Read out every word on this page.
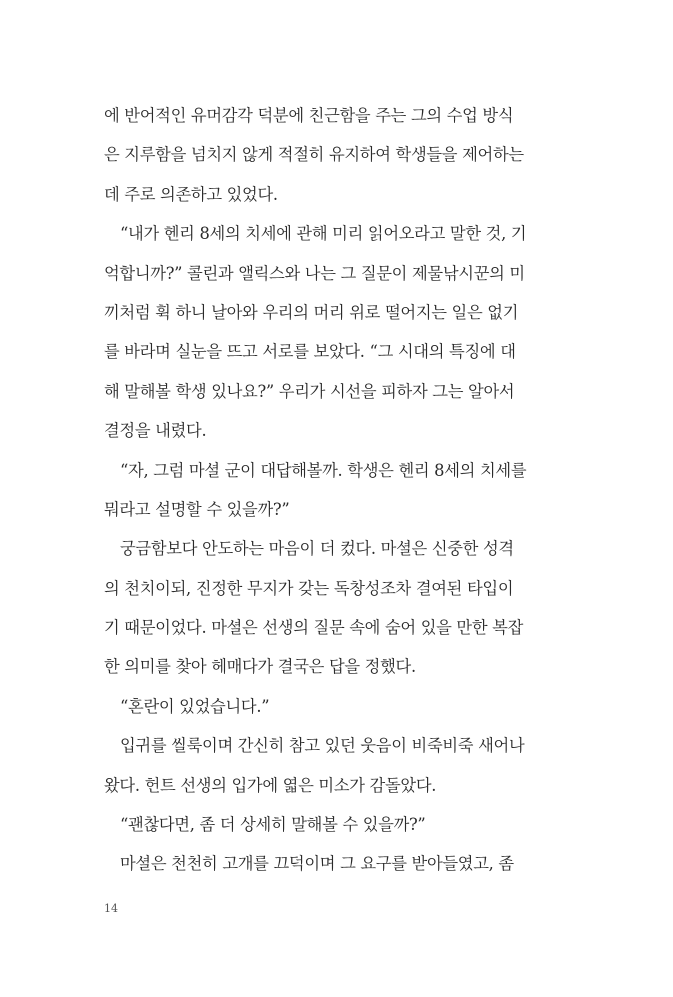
에 반어적인 유머감각 덕분에 친근함을 주는 그의 수업 방식
은 지루함을 넘치지 않게 적절히 유지하여 학생들을 제어하는
데 주로 의존하고 있었다.
“내가 헨리 8세의 치세에 관해 미리 읽어오라고 말한 것, 기
억합니까?” 콜린과 앨릭스와 나는 그 질문이 제물낚시꾼의 미
끼처럼 휙 하니 날아와 우리의 머리 위로 떨어지는 일은 없기
를 바라며 실눈을 뜨고 서로를 보았다. “그 시대의 특징에 대
해 말해볼 학생 있나요?” 우리가 시선을 피하자 그는 알아서
결정을 내렸다.
“자, 그럼 마셜 군이 대답해볼까. 학생은 헨리 8세의 치세를
뭐라고 설명할 수 있을까?”
궁금함보다 안도하는 마음이 더 컸다. 마셜은 신중한 성격
의 천치이되, 진정한 무지가 갖는 독창성조차 결여된 타입이
기 때문이었다. 마셜은 선생의 질문 속에 숨어 있을 만한 복잡
한 의미를 찾아 헤매다가 결국은 답을 정했다.
“혼란이 있었습니다.”
입귀를 씰룩이며 간신히 참고 있던 웃음이 비죽비죽 새어나
왔다. 헌트 선생의 입가에 엷은 미소가 감돌았다.
“괜찮다면, 좀 더 상세히 말해볼 수 있을까?”
마셜은 천천히 고개를 끄덕이며 그 요구를 받아들였고, 좀
14
